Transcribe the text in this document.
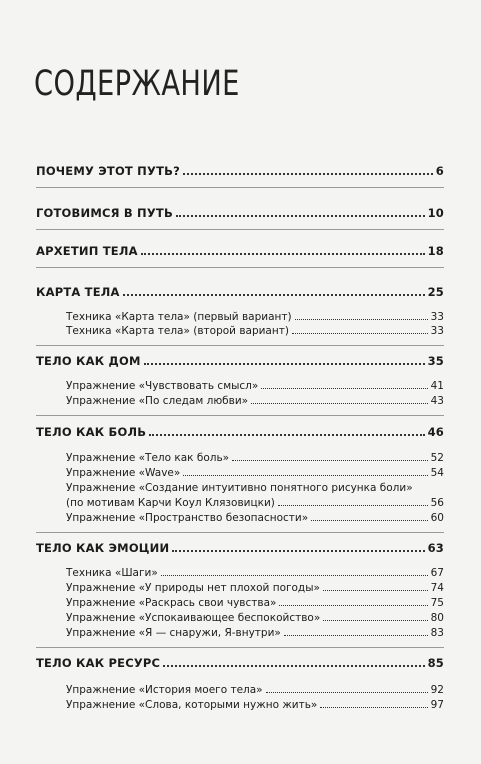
СОДЕРЖАНИЕ
ПОЧЕМУ ЭТОТ ПУТЬ?	6
ГОТОВИМСЯ В ПУТЬ	10
АРХЕТИП ТЕЛА	18
КАРТА ТЕЛА	25
Техника «Карта тела» (первый вариант)	33
Техника «Карта тела» (второй вариант)	33
ТЕЛО КАК ДОМ	35
Упражнение «Чувствовать смысл»	41
Упражнение «По следам любви»	43
ТЕЛО КАК БОЛЬ	46
Упражнение «Тело как боль»	52
Упражнение «Wave»	54
Упражнение «Создание интуитивно понятного рисунка боли»
(по мотивам Карчи Коул Клязовицки)	56
Упражнение «Пространство безопасности»	60
ТЕЛО КАК ЭМОЦИИ	63
Техника «Шаги»	67
Упражнение «У природы нет плохой погоды»	74
Упражнение «Раскрась свои чувства»	75
Упражнение «Успокаивающее беспокойство»	80
Упражнение «Я — снаружи, Я-внутри»	83
ТЕЛО КАК РЕСУРС	85
Упражнение «История моего тела»	92
Упражнение «Слова, которыми нужно жить»	97
